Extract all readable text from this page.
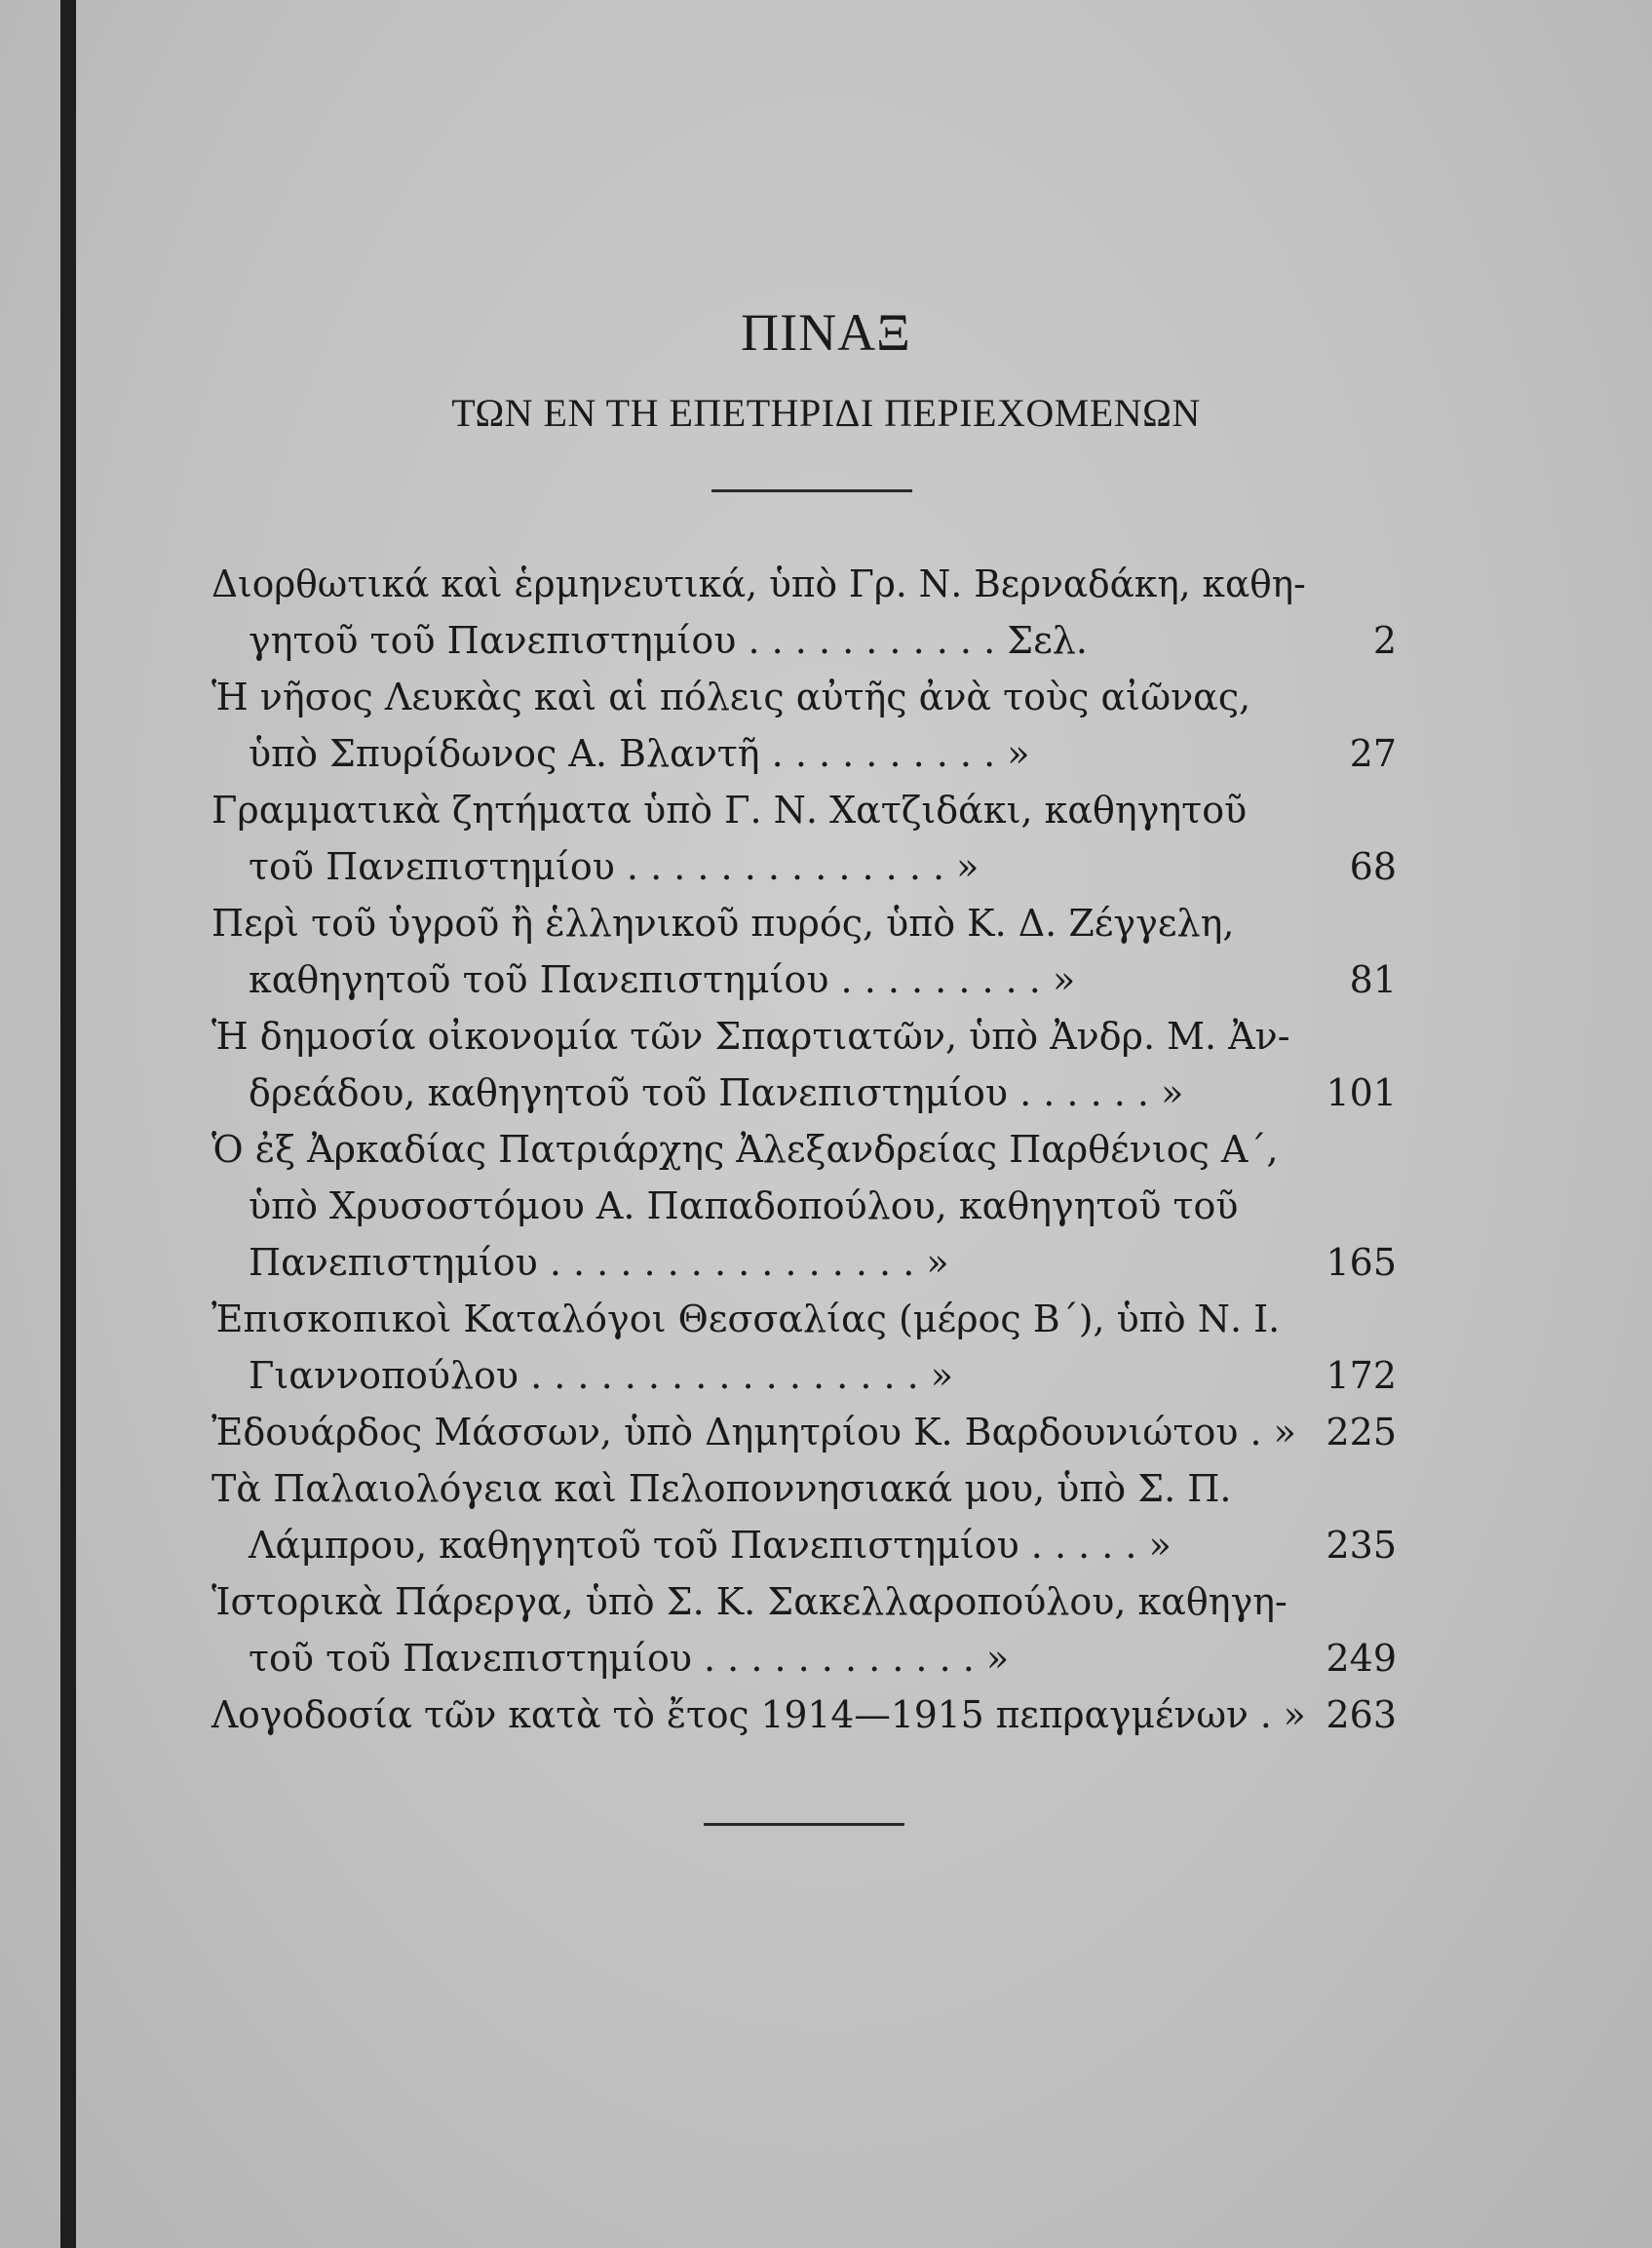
ΠΙΝΑΞ
ΤΩΝ ΕΝ ΤΗ ΕΠΕΤΗΡΙΔΙ ΠΕΡΙΕΧΟΜΕΝΩΝ
Διορθωτικά καὶ ἑρμηνευτικά, ὑπὸ Γρ. Ν. Βερναδάκη, καθη-
γητοῦ τοῦ Πανεπιστημίου . . . . . . . . . . . Σελ.	2
Ἡ νῆσος Λευκὰς καὶ αἱ πόλεις αὐτῆς ἀνὰ τοὺς αἰῶνας,
ὑπὸ Σπυρίδωνος Α. Βλαντῆ . . . . . . . . . . »	27
Γραμματικὰ ζητήματα ὑπὸ Γ. Ν. Χατζιδάκι, καθηγητοῦ
τοῦ Πανεπιστημίου . . . . . . . . . . . . . . »	68
Περὶ τοῦ ὑγροῦ ἢ ἑλληνικοῦ πυρός, ὑπὸ Κ. Δ. Ζέγγελη,
καθηγητοῦ τοῦ Πανεπιστημίου . . . . . . . . . »	81
Ἡ δημοσία οἰκονομία τῶν Σπαρτιατῶν, ὑπὸ Ἀνδρ. Μ. Ἀν-
δρεάδου, καθηγητοῦ τοῦ Πανεπιστημίου . . . . . . »	101
Ὁ ἐξ Ἀρκαδίας Πατριάρχης Ἀλεξανδρείας Παρθένιος Α΄,
ὑπὸ Χρυσοστόμου Α. Παπαδοπούλου, καθηγητοῦ τοῦ
Πανεπιστημίου . . . . . . . . . . . . . . . . »	165
Ἐπισκοπικοὶ Καταλόγοι Θεσσαλίας (μέρος Β΄), ὑπὸ Ν. Ι.
Γιαννοπούλου . . . . . . . . . . . . . . . . . »	172
Ἐδουάρδος Μάσσων, ὑπὸ Δημητρίου Κ. Βαρδουνιώτου . » 225
Τὰ Παλαιολόγεια καὶ Πελοποννησιακά μου, ὑπὸ Σ. Π.
Λάμπρου, καθηγητοῦ τοῦ Πανεπιστημίου . . . . . »	235
Ἱστορικὰ Πάρεργα, ὑπὸ Σ. Κ. Σακελλαροπούλου, καθηγη-
τοῦ τοῦ Πανεπιστημίου . . . . . . . . . . . . »	249
Λογοδοσία τῶν κατὰ τὸ ἔτος 1914—1915 πεπραγμένων . » 263
